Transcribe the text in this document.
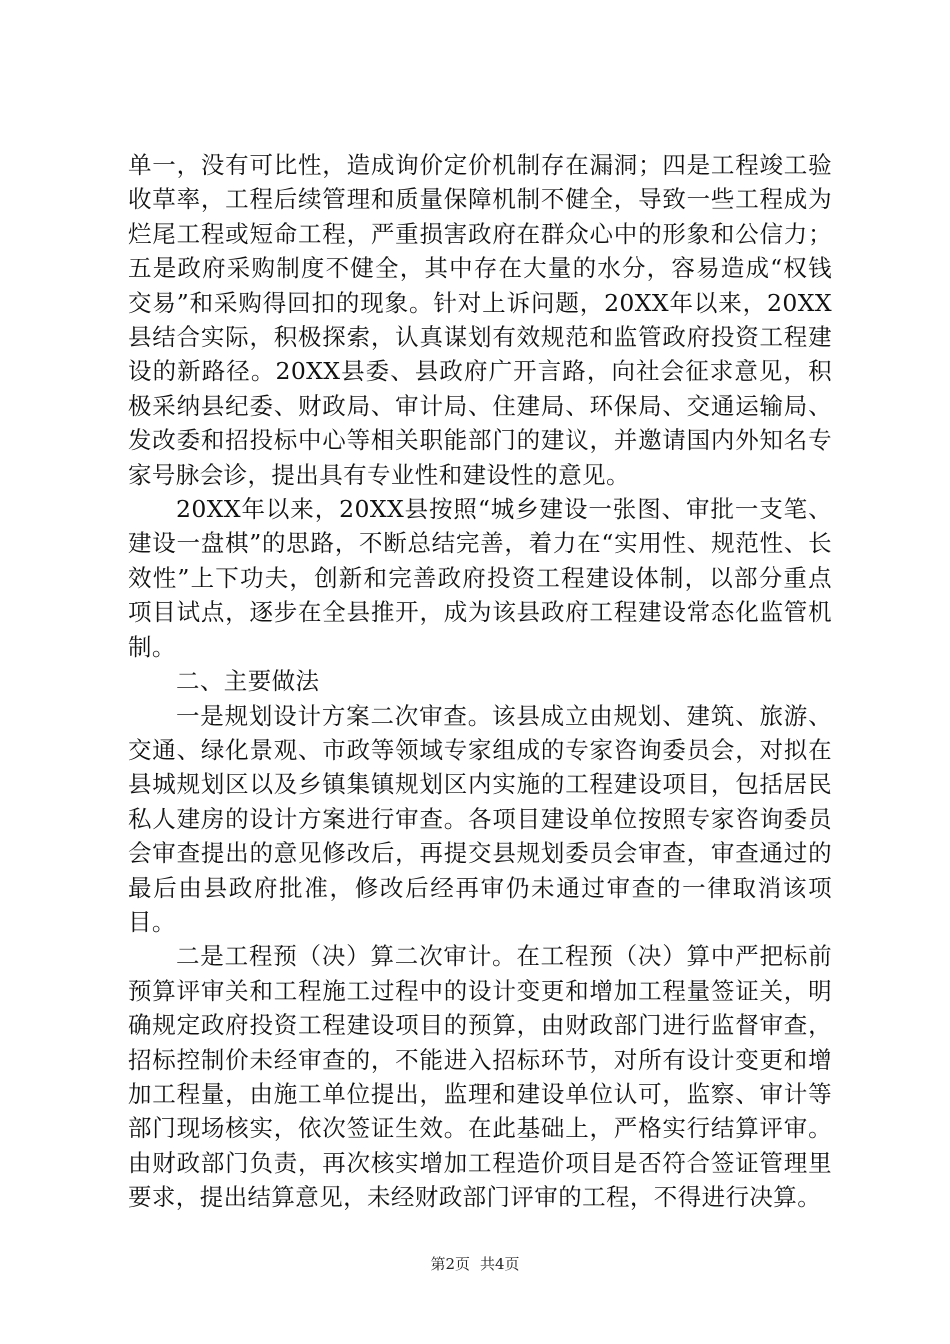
单一，没有可比性，造成询价定价机制存在漏洞；四是工程竣工验收草率，工程后续管理和质量保障机制不健全，导致一些工程成为烂尾工程或短命工程，严重损害政府在群众心中的形象和公信力；五是政府采购制度不健全，其中存在大量的水分，容易造成“权钱交易”和采购得回扣的现象。针对上诉问题，20XX年以来，20XX县结合实际，积极探索，认真谋划有效规范和监管政府投资工程建设的新路径。20XX县委、县政府广开言路，向社会征求意见，积极采纳县纪委、财政局、审计局、住建局、环保局、交通运输局、发改委和招投标中心等相关职能部门的建议，并邀请国内外知名专家号脉会诊，提出具有专业性和建设性的意见。

20XX年以来，20XX县按照“城乡建设一张图、审批一支笔、建设一盘棋”的思路，不断总结完善，着力在“实用性、规范性、长效性”上下功夫，创新和完善政府投资工程建设体制，以部分重点项目试点，逐步在全县推开，成为该县政府工程建设常态化监管机制。

二、主要做法

一是规划设计方案二次审查。该县成立由规划、建筑、旅游、交通、绿化景观、市政等领域专家组成的专家咨询委员会，对拟在县城规划区以及乡镇集镇规划区内实施的工程建设项目，包括居民私人建房的设计方案进行审查。各项目建设单位按照专家咨询委员会审查提出的意见修改后，再提交县规划委员会审查，审查通过的最后由县政府批准，修改后经再审仍未通过审查的一律取消该项目。

二是工程预（决）算二次审计。在工程预（决）算中严把标前预算评审关和工程施工过程中的设计变更和增加工程量签证关，明确规定政府投资工程建设项目的预算，由财政部门进行监督审查，招标控制价未经审查的，不能进入招标环节，对所有设计变更和增加工程量，由施工单位提出，监理和建设单位认可，监察、审计等部门现场核实，依次签证生效。在此基础上，严格实行结算评审。由财政部门负责，再次核实增加工程造价项目是否符合签证管理里要求，提出结算意见，未经财政部门评审的工程，不得进行决算。

第2页 共4页
